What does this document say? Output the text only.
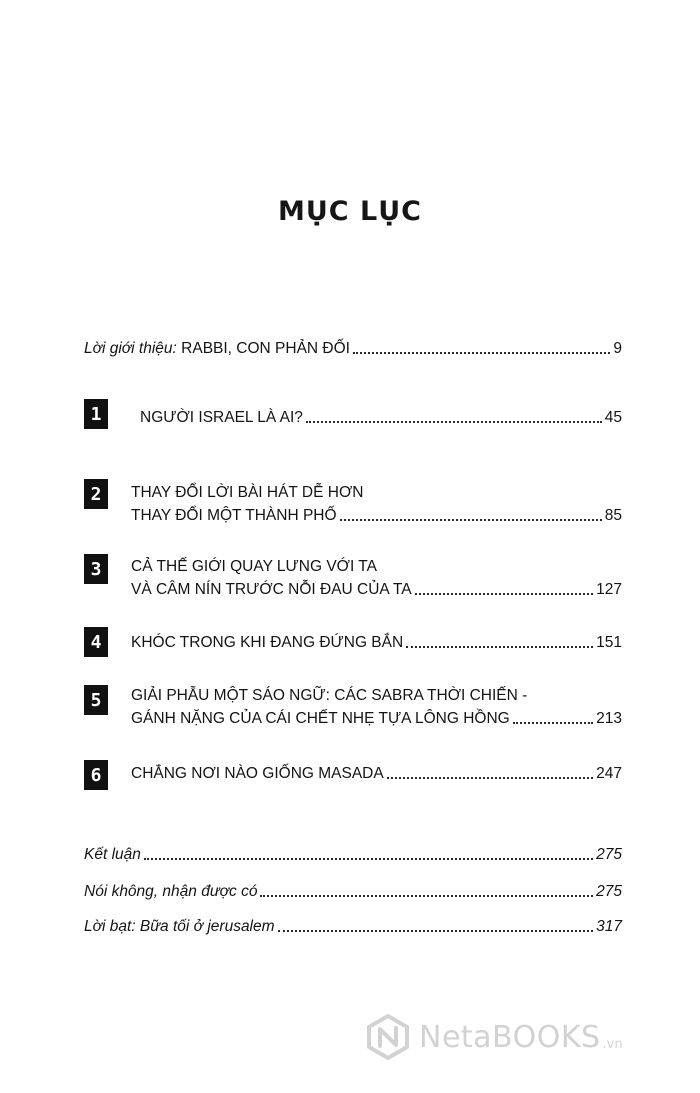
MỤC LỤC
Lời giới thiệu: RABBI, CON PHẢN ĐỐI	9
1	NGƯỜI ISRAEL LÀ AI?	45
2	THAY ĐỔI LỜI BÀI HÁT DỄ HƠN
THAY ĐỔI MỘT THÀNH PHỐ	85
3	CẢ THẾ GIỚI QUAY LƯNG VỚI TA
VÀ CÂM NÍN TRƯỚC NỖI ĐAU CỦA TA	127
4	KHÓC TRONG KHI ĐANG ĐỨNG BẮN	151
5	GIẢI PHẪU MỘT SÁO NGỮ: CÁC SABRA THỜI CHIẾN -
GÁNH NẶNG CỦA CÁI CHẾT NHẸ TỰA LÔNG HỒNG	213
6	CHẲNG NƠI NÀO GIỐNG MASADA	247
Kết luận	275
Nói không, nhận được có	275
Lời bạt: Bữa tối ở jerusalem	317
NetaBOOKS .vn
